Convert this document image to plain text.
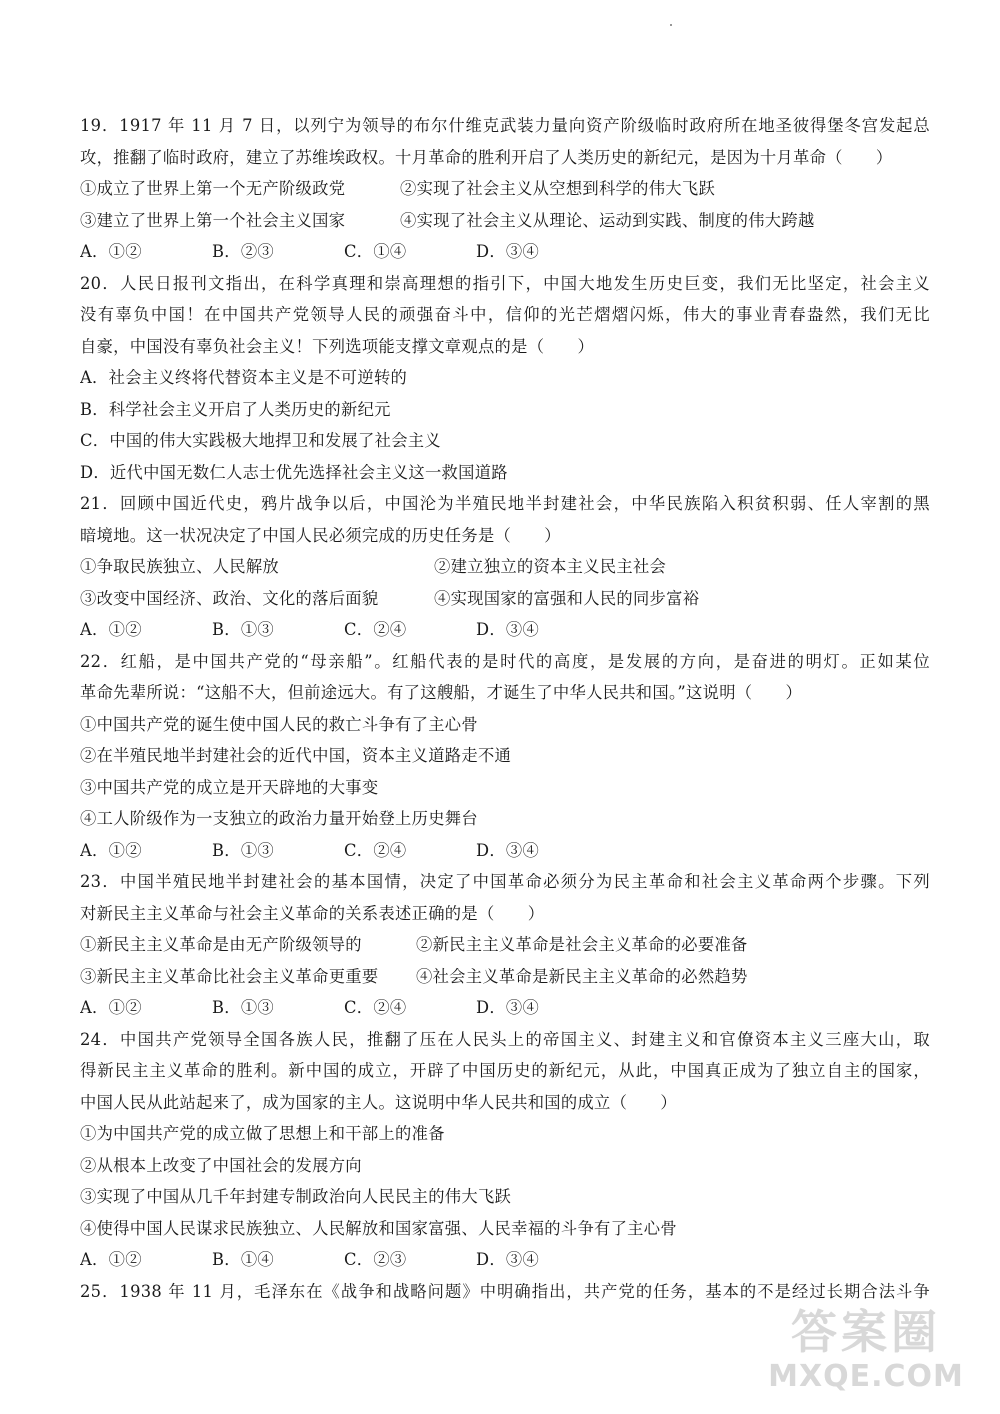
19．1917 年 11 月 7 日，以列宁为领导的布尔什维克武装力量向资产阶级临时政府所在地圣彼得堡冬宫发起总
攻，推翻了临时政府，建立了苏维埃政权。十月革命的胜利开启了人类历史的新纪元，是因为十月革命（　　）
①成立了世界上第一个无产阶级政党	②实现了社会主义从空想到科学的伟大飞跃
③建立了世界上第一个社会主义国家	④实现了社会主义从理论、运动到实践、制度的伟大跨越
A．①②	B．②③	C．①④	D．③④
20．人民日报刊文指出，在科学真理和崇高理想的指引下，中国大地发生历史巨变，我们无比坚定，社会主义
没有辜负中国！在中国共产党领导人民的顽强奋斗中，信仰的光芒熠熠闪烁，伟大的事业青春盎然，我们无比
自豪，中国没有辜负社会主义！下列选项能支撑文章观点的是（　　）
A．社会主义终将代替资本主义是不可逆转的
B．科学社会主义开启了人类历史的新纪元
C．中国的伟大实践极大地捍卫和发展了社会主义
D．近代中国无数仁人志士优先选择社会主义这一救国道路
21．回顾中国近代史，鸦片战争以后，中国沦为半殖民地半封建社会，中华民族陷入积贫积弱、任人宰割的黑
暗境地。这一状况决定了中国人民必须完成的历史任务是（　　）
①争取民族独立、人民解放	②建立独立的资本主义民主社会
③改变中国经济、政治、文化的落后面貌	④实现国家的富强和人民的同步富裕
A．①②	B．①③	C．②④	D．③④
22．红船，是中国共产党的“母亲船”。红船代表的是时代的高度，是发展的方向，是奋进的明灯。正如某位
革命先辈所说：“这船不大，但前途远大。有了这艘船，才诞生了中华人民共和国。”这说明（　　）
①中国共产党的诞生使中国人民的救亡斗争有了主心骨
②在半殖民地半封建社会的近代中国，资本主义道路走不通
③中国共产党的成立是开天辟地的大事变
④工人阶级作为一支独立的政治力量开始登上历史舞台
A．①②	B．①③	C．②④	D．③④
23．中国半殖民地半封建社会的基本国情，决定了中国革命必须分为民主革命和社会主义革命两个步骤。下列
对新民主主义革命与社会主义革命的关系表述正确的是（　　）
①新民主主义革命是由无产阶级领导的	②新民主主义革命是社会主义革命的必要准备
③新民主主义革命比社会主义革命更重要	④社会主义革命是新民主主义革命的必然趋势
A．①②	B．①③	C．②④	D．③④
24．中国共产党领导全国各族人民，推翻了压在人民头上的帝国主义、封建主义和官僚资本主义三座大山，取
得新民主主义革命的胜利。新中国的成立，开辟了中国历史的新纪元，从此，中国真正成为了独立自主的国家，
中国人民从此站起来了，成为国家的主人。这说明中华人民共和国的成立（　　）
①为中国共产党的成立做了思想上和干部上的准备
②从根本上改变了中国社会的发展方向
③实现了中国从几千年封建专制政治向人民民主的伟大飞跃
④使得中国人民谋求民族独立、人民解放和国家富强、人民幸福的斗争有了主心骨
A．①②	B．①④	C．②③	D．③④
25．1938 年 11 月，毛泽东在《战争和战略问题》中明确指出，共产党的任务，基本的不是经过长期合法斗争
答案圈
MXQE.COM
